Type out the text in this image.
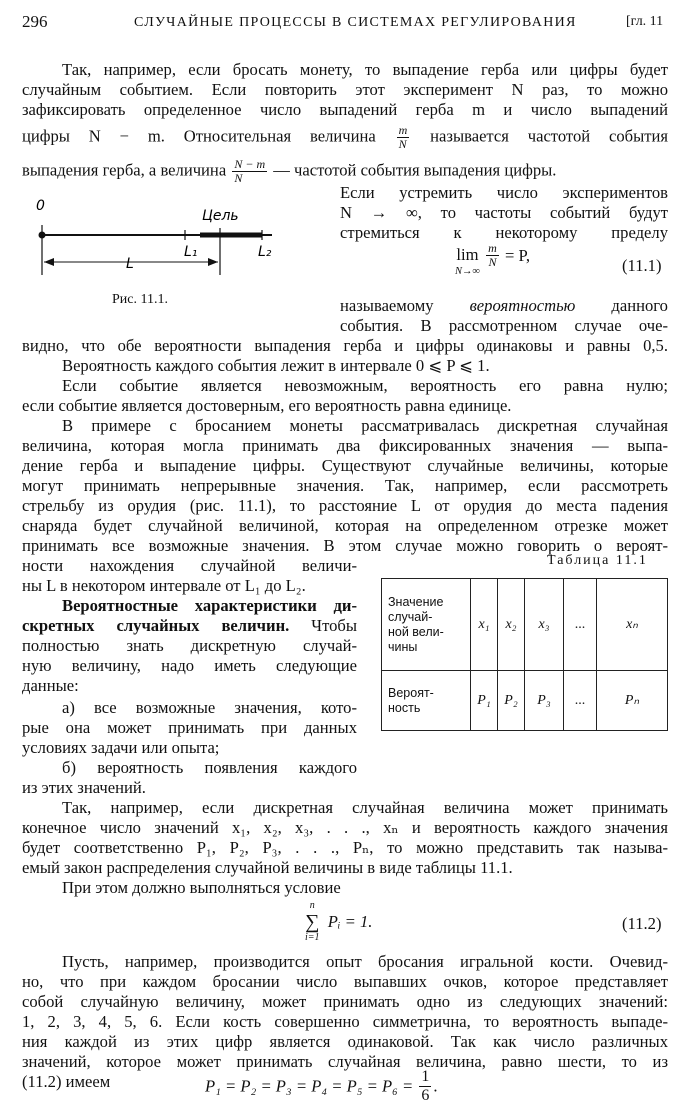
296	СЛУЧАЙНЫЕ ПРОЦЕССЫ В СИСТЕМАХ РЕГУЛИРОВАНИЯ	[гл. 11
Так, например, если бросать монету, то выпадение герба или цифры будет
случайным событием. Если повторить этот эксперимент N раз, то можно
зафиксировать определенное число выпадений герба m и число выпадений
цифры N − m. Относительная величина $\frac{m}{N}$ называется частотой события
выпадения герба, а величина $\frac{N - m}{N}$ — частотой события выпадения цифры.
0
Цель
L₁	L₂
L
Рис. 11.1.
Если устремить число экспериментов
N → ∞, то частоты событий будут
стремиться к некоторому пределу
lim
N→∞

$\frac{m}{N} = P$,
(11.1)
называемому вероятностью данного
события. В рассмотренном случае оче-
видно, что обе вероятности выпадения герба и цифры одинаковы и равны 0,5.
Вероятность каждого события лежит в интервале 0 ⩽ P ⩽ 1.
Если событие является невозможным, вероятность его равна нулю;
если событие является достоверным, его вероятность равна единице.
В примере с бросанием монеты рассматривалась дискретная случайная
величина, которая могла принимать два фиксированных значения — выпа-
дение герба и выпадение цифры. Существуют случайные величины, которые
могут принимать непрерывные значения. Так, например, если рассмотреть
стрельбу из орудия (рис. 11.1), то расстояние L от орудия до места падения
снаряда будет случайной величиной, которая на определенном отрезке может
принимать все возможные значения. В этом случае можно говорить о вероят-
ности нахождения случайной величи-
ны L в некотором интервале от L₁ до L₂.
Вероятностные характеристики ди-
скретных случайных величин. Чтобы
полностью знать дискретную случай-
ную величину, надо иметь следующие
данные:
а) все возможные значения, кото-
рые она может принимать при данных
условиях задачи или опыта;
б) вероятность появления каждого
из этих значений.
Таблица 11.1
Значение
случай-
ной вели-
чины	x₁	x₂	x₃	...	xₙ

Вероят-
ность	P₁	P₂	P₃	...	Pₙ
Так, например, если дискретная случайная величина может принимать
конечное число значений x₁, x₂, x₃, . . ., xₙ и вероятность каждого значения
будет соответственно P₁, P₂, P₃, . . ., Pₙ, то можно представить так называ-
емый закон распределения случайной величины в виде таблицы 11.1.
При этом должно выполняться условие
n
∑
i=1
Pᵢ = 1.	(11.2)
Пусть, например, производится опыт бросания игральной кости. Очевид-
но, что при каждом бросании число выпавших очков, которое представляет
собой случайную величину, может принимать одно из следующих значений:
1, 2, 3, 4, 5, 6. Если кость совершенно симметрична, то вероятность выпаде-
ния каждой из этих цифр является одинаковой. Так как число различных
значений, которое может принимать случайная величина, равно шести, то из
(11.2) имеем	$P_1 = P_2 = P_3 = P_4 = P_5 = P_6 = \frac{1}{6}$ .
